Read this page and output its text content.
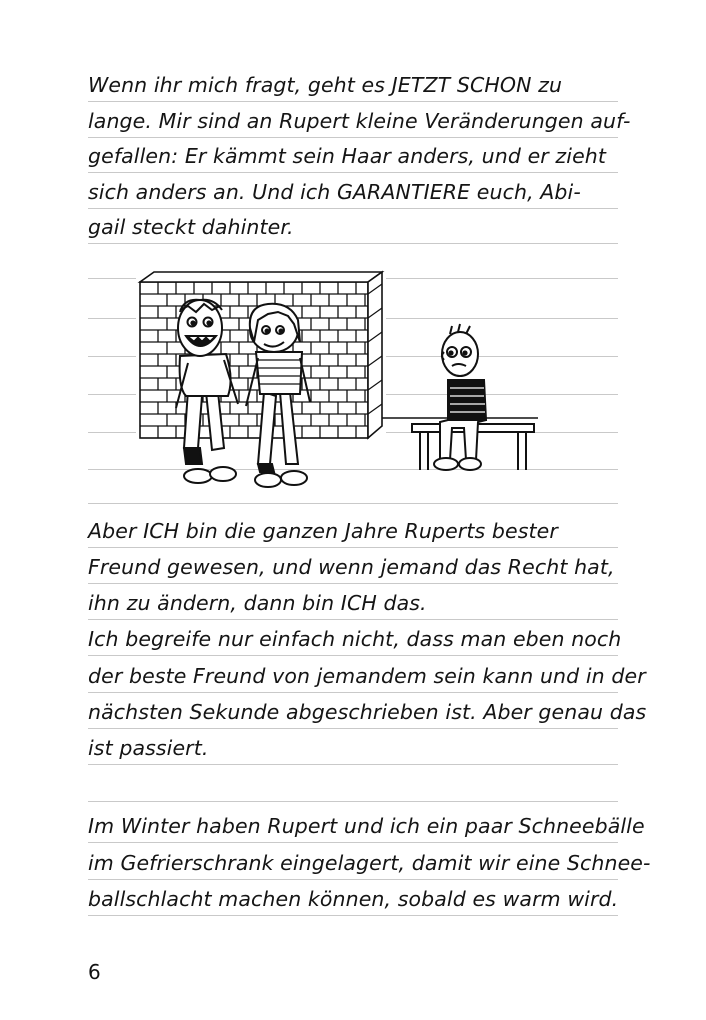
Wenn ihr mich fragt, geht es JETZT SCHON zu
lange. Mir sind an Rupert kleine Veränderungen auf-
gefallen: Er kämmt sein Haar anders, und er zieht
sich anders an. Und ich GARANTIERE euch, Abi-
gail steckt dahinter.
Aber ICH bin die ganzen Jahre Ruperts bester
Freund gewesen, und wenn jemand das Recht hat,
ihn zu ändern, dann bin ICH das.
Ich begreife nur einfach nicht, dass man eben noch
der beste Freund von jemandem sein kann und in der
nächsten Sekunde abgeschrieben ist. Aber genau das
ist passiert.
Im Winter haben Rupert und ich ein paar Schneebälle
im Gefrierschrank eingelagert, damit wir eine Schnee-
ballschlacht machen können, sobald es warm wird.
6
